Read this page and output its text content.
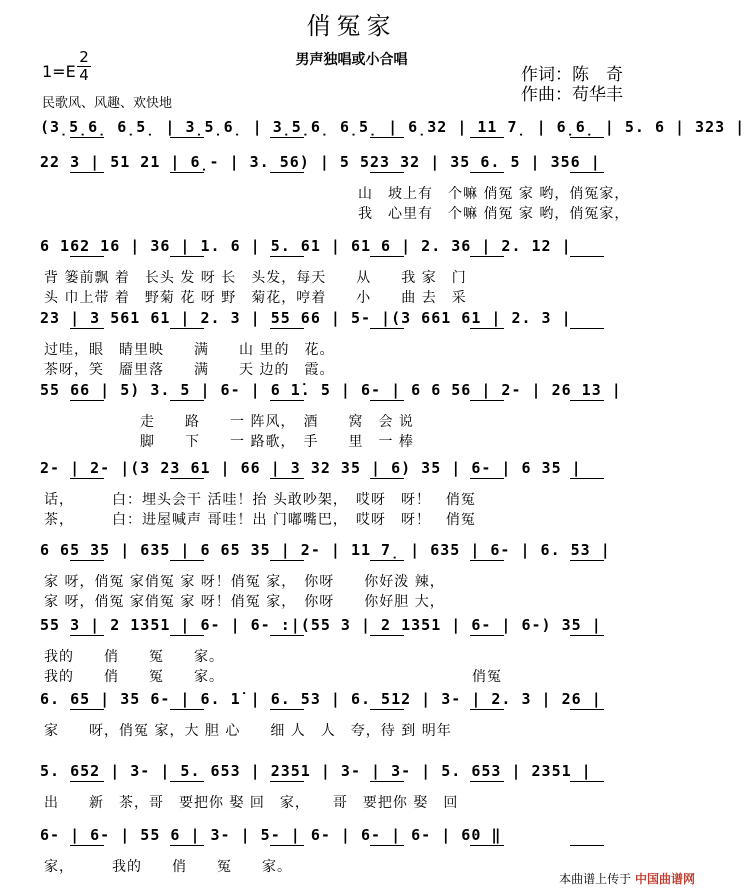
俏冤家
男声独唱或小合唱
1=E
2
4
民歌风、风趣、欢快地
作词：陈　奇
作曲：苟华丰
(3̣5̣6̣ 6̣5̣ | 3̣5̣6̣ | 3̣5̣6̣ 6̣5̣ | 6̣32 | 11 7̣ | 6̣6̣ | 5. 6 | 323 |
22 3 | 51 21 | 6̣- | 3. 56) | 5 523 32 | 35 6. 5 | 356 |
山　坡上有　个嘛 俏冤 家 哟，俏冤家，
我　心里有　个嘛 俏冤 家 哟，俏冤家，
6 162 16 | 36 | 1. 6 | 5. 61 | 61 6 | 2. 36 | 2. 12 |
背 篓前飘 着　长头 发 呀 长　头发，每天　　从　　我 家　门
头 巾上带 着　野菊 花 呀 野　菊花，哼着　　小　　曲 去　采
23 | 3 561 61 | 2. 3 | 55 66 | 5- |(3 661 61 | 2. 3 |
过哇，眼　睛里映　　满　　山 里的　花。
茶呀，笑　靥里落　　满　　天 边的　霞。
55 66 | 5) 3. 5 | 6- | 6 1̇. 5 | 6- | 6 6 56 | 2- | 26 13 |
走　　路　　一 阵风，　酒　　窝　会 说
脚　　下　　一 路歌，　手　　里　一 棒
2- | 2- |(3 23 61 | 66 | 3 32 35 | 6) 35 | 6- | 6 35 |
话，　　　白：埋头会干 活哇！抬 头敢吵架，　哎呀　呀！　俏冤
茶，　　　白：进屋喊声 哥哇！出 门嘟嘴巴，　哎呀　呀！　俏冤
6 65 35 | 635 | 6 65 35 | 2- | 11 7̣ | 635 | 6- | 6. 53 |
家 呀，俏冤 家俏冤 家 呀！俏冤 家，　你呀　　你好泼 辣，
家 呀，俏冤 家俏冤 家 呀！俏冤 家，　你呀　　你好胆 大，
55 3 | 2 1351 | 6- | 6- :|(55 3 | 2 1351 | 6- | 6-) 35 |
我的　　俏　　冤　　家。
我的　　俏　　冤　　家。　　　　　　　　　　　　　　　　　俏冤
6. 65 | 35 6- | 6. 1̇ | 6. 53 | 6. 512 | 3- | 2. 3 | 26 |
家　　呀，俏冤 家，大 胆 心　　细 人　人　夸，待 到 明年
5. 652 | 3- | 5. 653 | 2351 | 3- | 3- | 5. 653 | 2351 |
出　　新　茶，哥　要把你 娶 回　家，　　哥　要把你 娶　回
6- | 6- | 55 6 | 3- | 5- | 6- | 6- | 6- | 60 ‖
家，　　　我的　　俏　　冤　　家。
本曲谱上传于 中国曲谱网
